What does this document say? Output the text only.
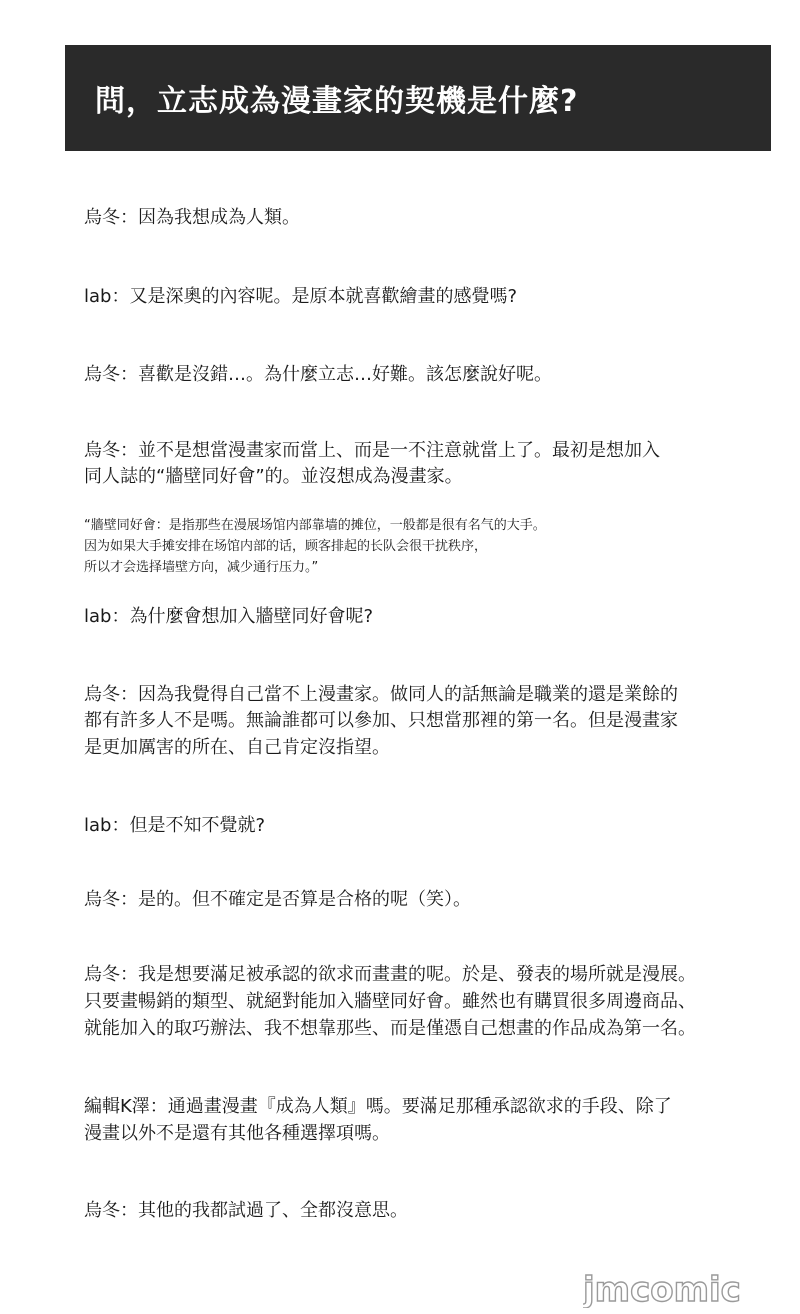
問，立志成為漫畫家的契機是什麼?
烏冬：因為我想成為人類。
lab：又是深奧的內容呢。是原本就喜歡繪畫的感覺嗎?
烏冬：喜歡是沒錯…。為什麼立志…好難。該怎麼說好呢。
烏冬：並不是想當漫畫家而當上、而是一不注意就當上了。最初是想加入
同人誌的“牆壁同好會”的。並沒想成為漫畫家。
“牆壁同好會：是指那些在漫展场馆内部靠墙的摊位，一般都是很有名气的大手。
因为如果大手摊安排在场馆内部的话，顾客排起的长队会很干扰秩序，
所以才会选择墙壁方向，减少通行压力。”
lab：為什麼會想加入牆壁同好會呢?
烏冬：因為我覺得自己當不上漫畫家。做同人的話無論是職業的還是業餘的
都有許多人不是嗎。無論誰都可以參加、只想當那裡的第一名。但是漫畫家
是更加厲害的所在、自己肯定沒指望。
lab：但是不知不覺就?
烏冬：是的。但不確定是否算是合格的呢（笑）。
烏冬：我是想要滿足被承認的欲求而畫畫的呢。於是、發表的場所就是漫展。
只要畫暢銷的類型、就絕對能加入牆壁同好會。雖然也有購買很多周邊商品、
就能加入的取巧辦法、我不想靠那些、而是僅憑自己想畫的作品成為第一名。
編輯K澤：通過畫漫畫『成為人類』嗎。要滿足那種承認欲求的手段、除了
漫畫以外不是還有其他各種選擇項嗎。
烏冬：其他的我都試過了、全都沒意思。
jmcomic
